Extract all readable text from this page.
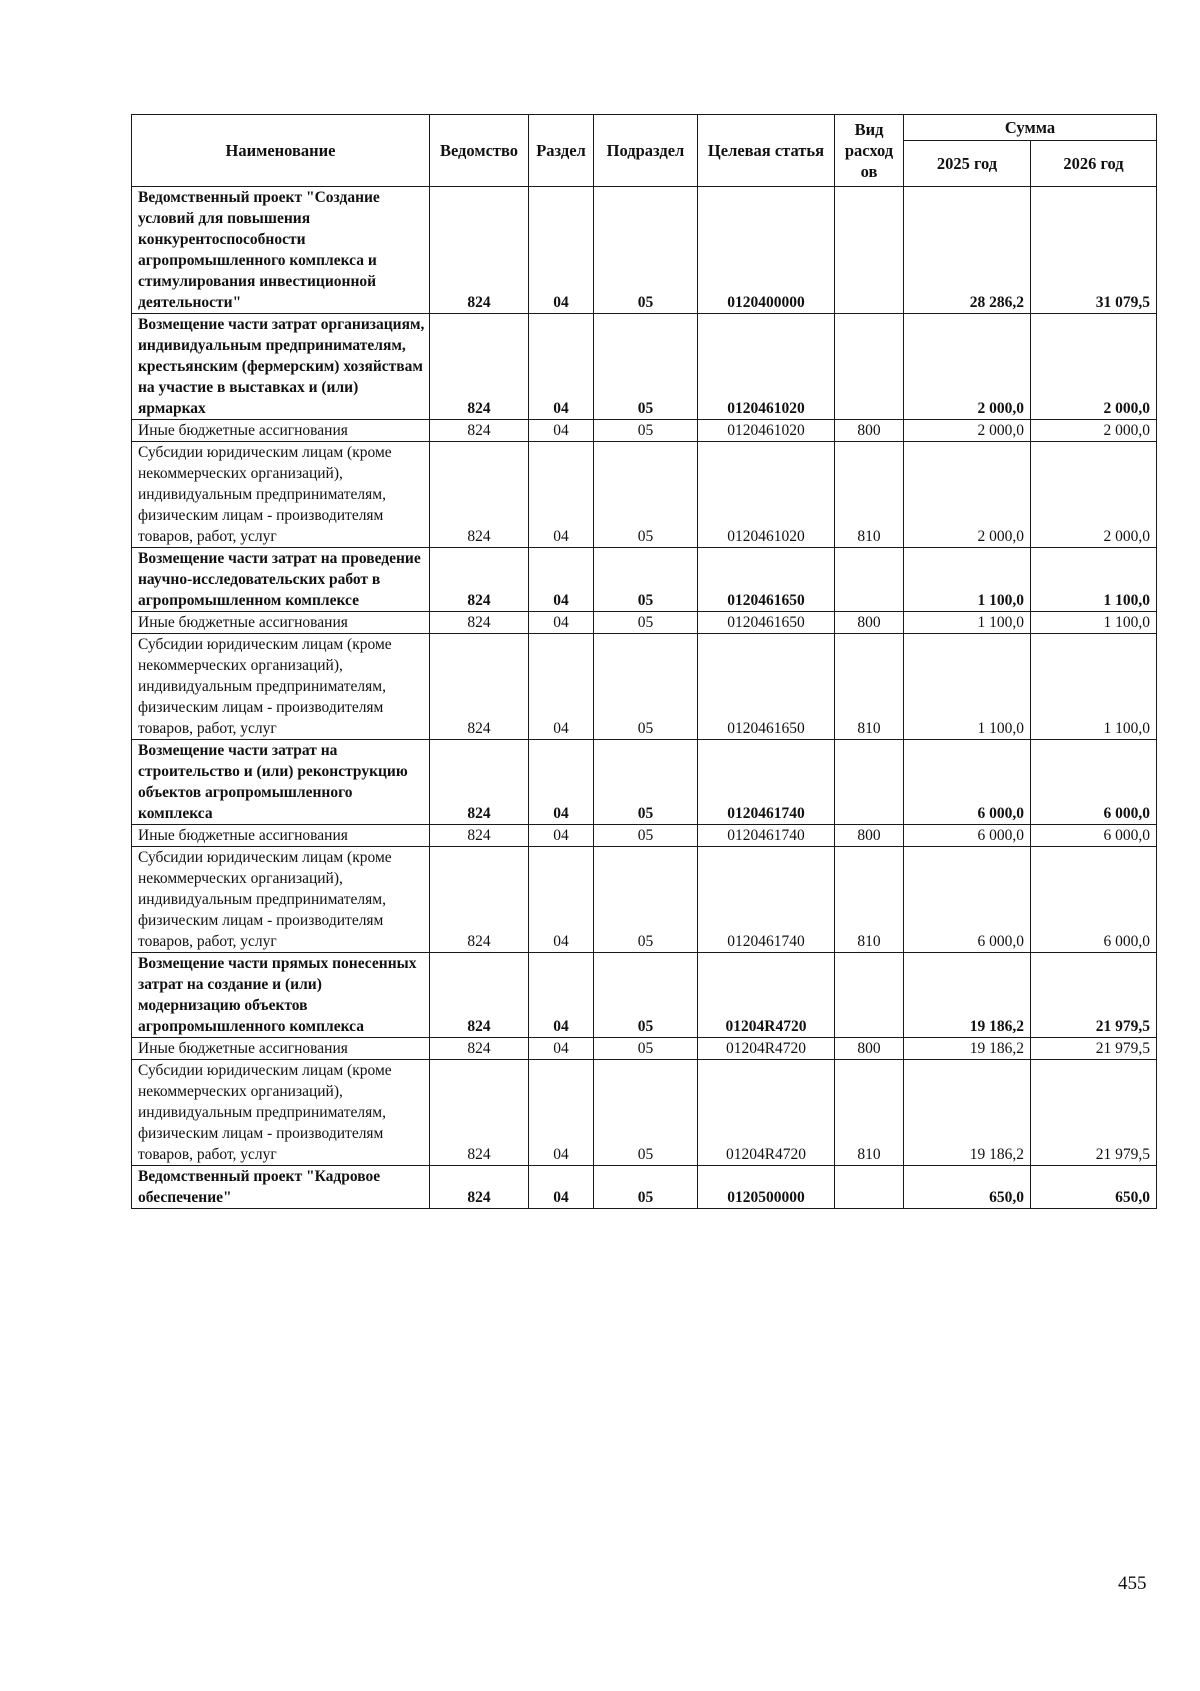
Наименование	Ведомство	Раздел	Подраздел	Целевая статья	Вид расход ов	Сумма	
						2025 год	2026 год
Ведомственный проект "Создание условий для повышения конкурентоспособности агропромышленного комплекса и стимулирования инвестиционной деятельности"	824	04	05	0120400000		28 286,2	31 079,5
Возмещение части затрат организациям, индивидуальным предпринимателям, крестьянским (фермерским) хозяйствам на участие в выставках и (или) ярмарках	824	04	05	0120461020		2 000,0	2 000,0
Иные бюджетные ассигнования	824	04	05	0120461020	800	2 000,0	2 000,0
Субсидии юридическим лицам (кроме некоммерческих организаций), индивидуальным предпринимателям, физическим лицам - производителям товаров, работ, услуг	824	04	05	0120461020	810	2 000,0	2 000,0
Возмещение части затрат на проведение научно-исследовательских работ в агропромышленном комплексе	824	04	05	0120461650		1 100,0	1 100,0
Иные бюджетные ассигнования	824	04	05	0120461650	800	1 100,0	1 100,0
Субсидии юридическим лицам (кроме некоммерческих организаций), индивидуальным предпринимателям, физическим лицам - производителям товаров, работ, услуг	824	04	05	0120461650	810	1 100,0	1 100,0
Возмещение части затрат на строительство и (или) реконструкцию объектов агропромышленного комплекса	824	04	05	0120461740		6 000,0	6 000,0
Иные бюджетные ассигнования	824	04	05	0120461740	800	6 000,0	6 000,0
Субсидии юридическим лицам (кроме некоммерческих организаций), индивидуальным предпринимателям, физическим лицам - производителям товаров, работ, услуг	824	04	05	0120461740	810	6 000,0	6 000,0
Возмещение части прямых понесенных затрат на создание и (или) модернизацию объектов агропромышленного комплекса	824	04	05	01204R4720		19 186,2	21 979,5
Иные бюджетные ассигнования	824	04	05	01204R4720	800	19 186,2	21 979,5
Субсидии юридическим лицам (кроме некоммерческих организаций), индивидуальным предпринимателям, физическим лицам - производителям товаров, работ, услуг	824	04	05	01204R4720	810	19 186,2	21 979,5
Ведомственный проект "Кадровое обеспечение"	824	04	05	0120500000		650,0	650,0
455
